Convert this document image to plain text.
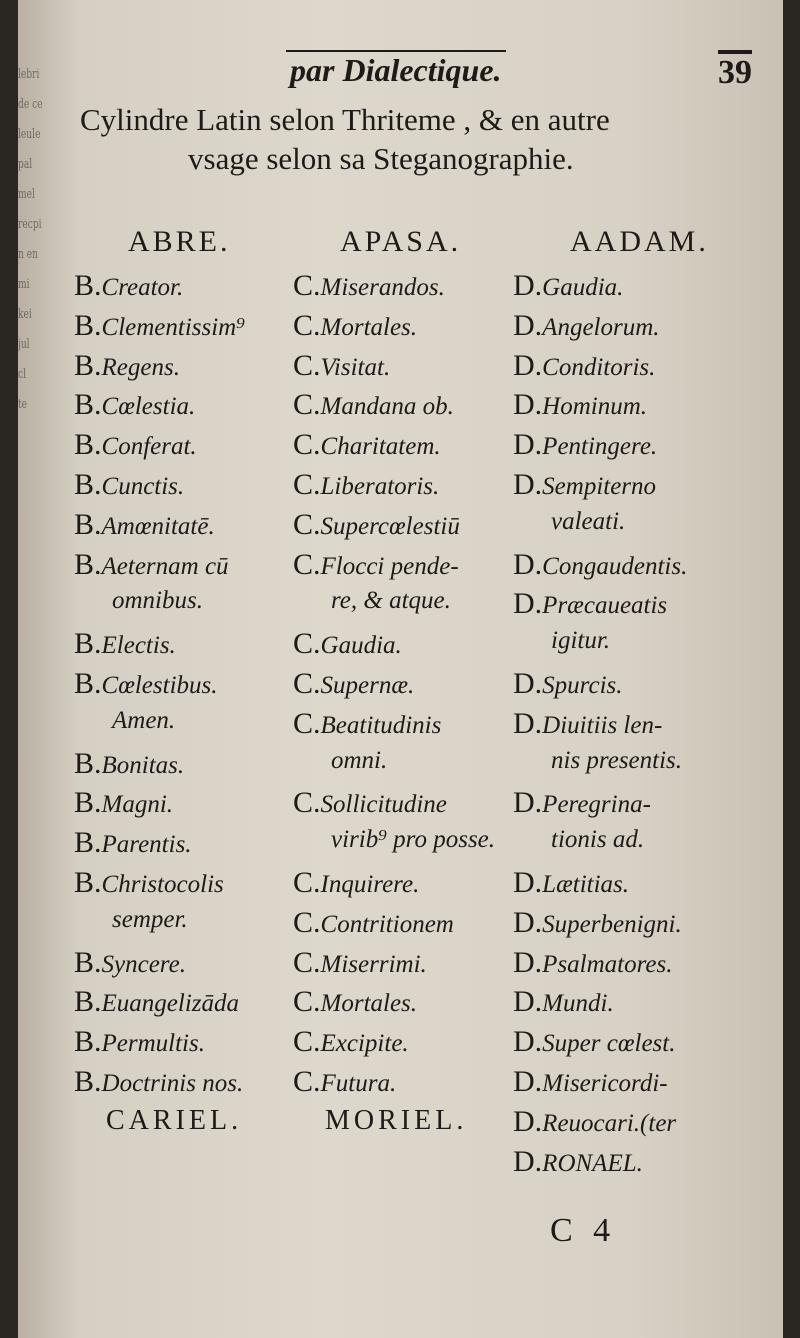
lebri
de ce
leule
pal
mel
recpi
n en
mi
kei
jul
cl
te
par Dialectique.	39
Cylindre Latin selon Thriteme , & en autre
vsage selon sa Steganographie.
ABRE.
B.Creator.
B.Clementissim⁹
B.Regens.
B.Cœlestia.
B.Conferat.
B.Cunctis.
B.Amœnitatē.
B.Aeternam cū
omnibus.
B.Electis.
B.Cœlestibus.
Amen.
B.Bonitas.
B.Magni.
B.Parentis.
B.Christocolis
semper.
B.Syncere.
B.Euangelizāda
B.Permultis.
B.Doctrinis nos.
CARIEL.
APASA.
C.Miserandos.
C.Mortales.
C.Visitat.
C.Mandana ob.
C.Charitatem.
C.Liberatoris.
C.Supercœlestiū
C.Flocci pende-
re, & atque.
C.Gaudia.
C.Supernæ.
C.Beatitudinis
omni.
C.Sollicitudine
virib⁹ pro posse.
C.Inquirere.
C.Contritionem
C.Miserrimi.
C.Mortales.
C.Excipite.
C.Futura.
MORIEL.
AADAM.
D.Gaudia.
D.Angelorum.
D.Conditoris.
D.Hominum.
D.Pentingere.
D.Sempiterno
valeati.
D.Congaudentis.
D.Præcaueatis
igitur.
D.Spurcis.
D.Diuitiis len-
nis presentis.
D.Peregrina-
tionis ad.
D.Lætitias.
D.Superbenigni.
D.Psalmatores.
D.Mundi.
D.Super cœlest.
D.Misericordi-
D.Reuocari.(ter
D.RONAEL.
C 4
